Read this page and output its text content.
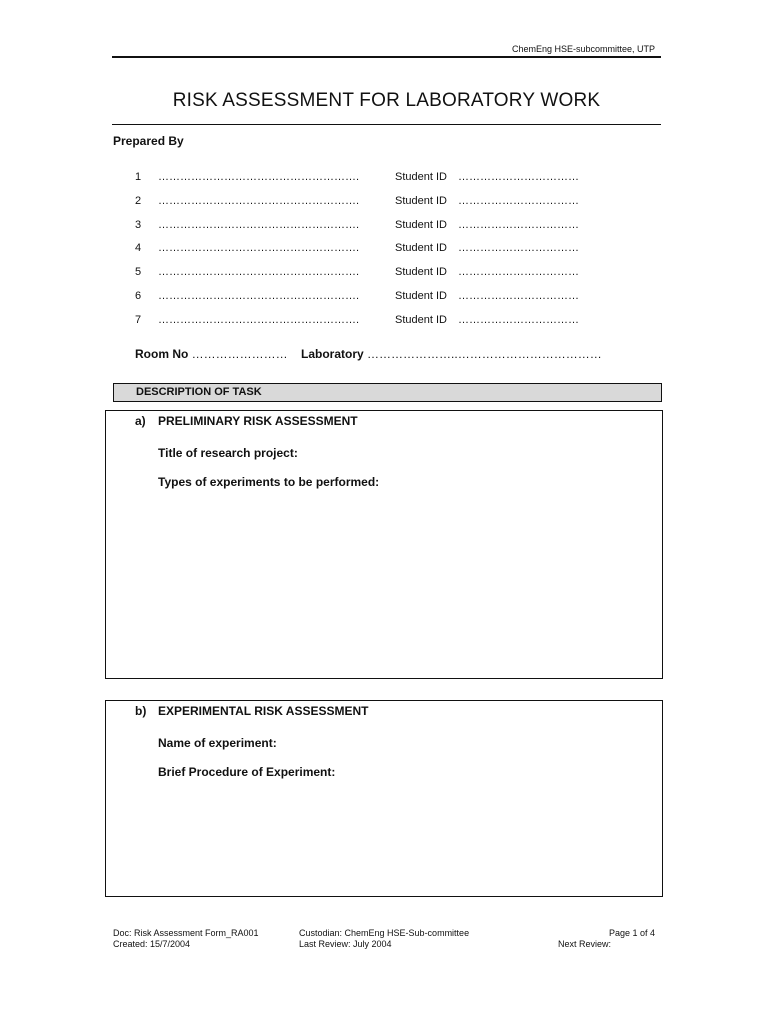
ChemEng HSE-subcommittee, UTP
RISK ASSESSMENT FOR LABORATORY WORK
Prepared By
1 ……………………………………………….	Student ID ……………………………
2 ……………………………………………….	Student ID ……………………………
3 ……………………………………………….	Student ID ……………………………
4 ……………………………………………….	Student ID ……………………………
5 ……………………………………………….	Student ID ……………………………
6 ……………………………………………….	Student ID ……………………………
7 ……………………………………………….	Student ID ……………………………
Room No …………………… Laboratory …………………..………………………………
DESCRIPTION OF TASK
a) PRELIMINARY RISK ASSESSMENT
Title of research project:
Types of experiments to be performed:
b) EXPERIMENTAL RISK ASSESSMENT
Name of experiment:
Brief Procedure of Experiment:
Doc: Risk Assessment Form_RA001
Created: 15/7/2004
Custodian: ChemEng HSE-Sub-committee
Last Review: July 2004
Page 1 of 4
Next Review:
